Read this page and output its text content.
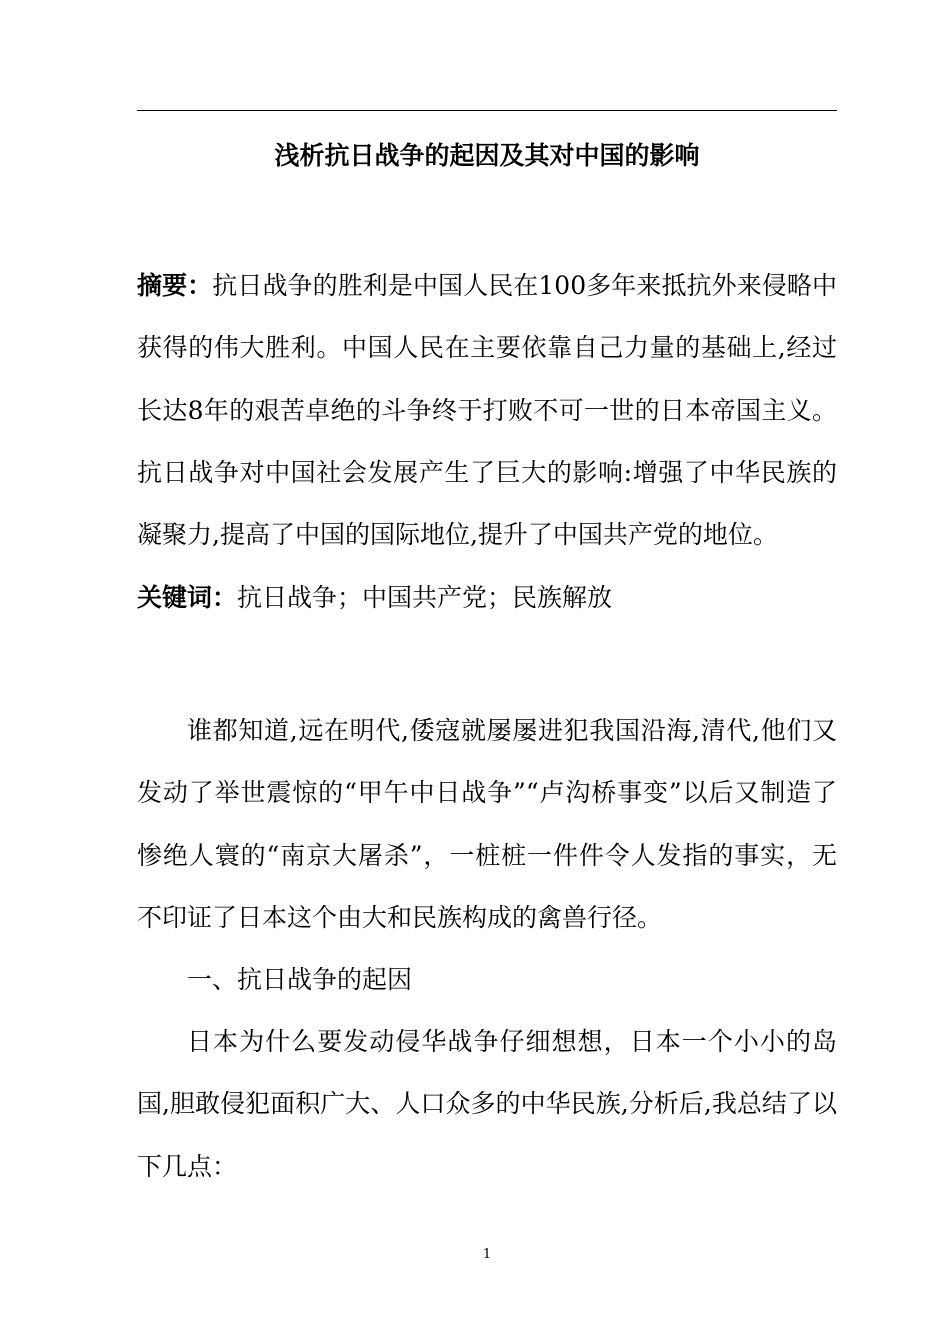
浅析抗日战争的起因及其对中国的影响
摘要：抗日战争的胜利是中国人民在100多年来抵抗外来侵略中获得的伟大胜利。中国人民在主要依靠自己力量的基础上,经过长达8年的艰苦卓绝的斗争终于打败不可一世的日本帝国主义。抗日战争对中国社会发展产生了巨大的影响:增强了中华民族的凝聚力,提高了中国的国际地位,提升了中国共产党的地位。
关键词：抗日战争；中国共产党；民族解放
谁都知道,远在明代,倭寇就屡屡进犯我国沿海,清代,他们又发动了举世震惊的“甲午中日战争”“卢沟桥事变”以后又制造了惨绝人寰的“南京大屠杀”，一桩桩一件件令人发指的事实，无不印证了日本这个由大和民族构成的禽兽行径。
一、抗日战争的起因
日本为什么要发动侵华战争仔细想想，日本一个小小的岛国,胆敢侵犯面积广大、人口众多的中华民族,分析后,我总结了以下几点：
1
